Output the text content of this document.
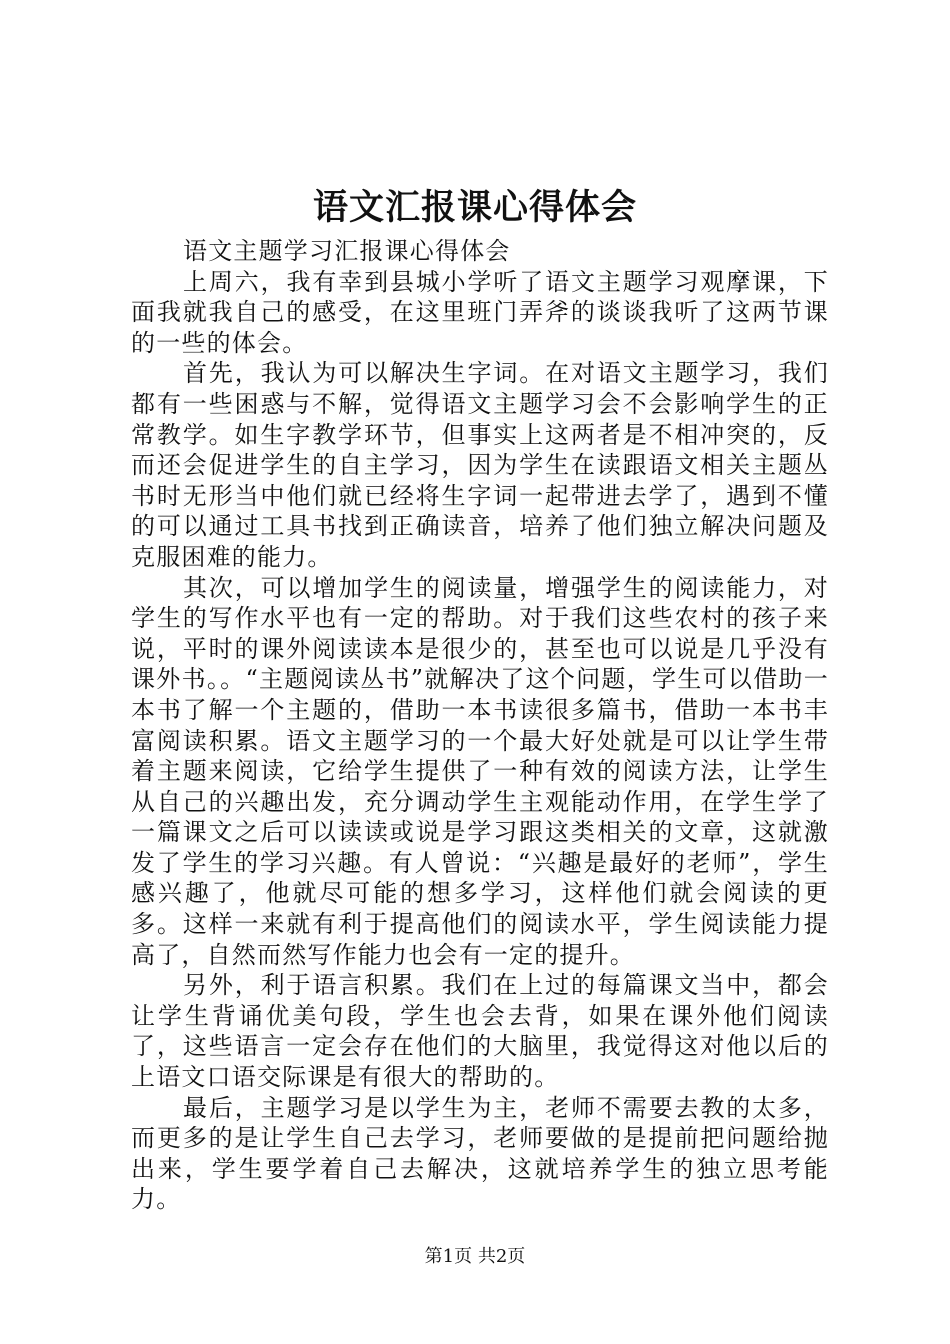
语文汇报课心得体会

语文主题学习汇报课心得体会

上周六，我有幸到县城小学听了语文主题学习观摩课，下面我就我自己的感受，在这里班门弄斧的谈谈我听了这两节课的一些的体会。

首先，我认为可以解决生字词。在对语文主题学习，我们都有一些困惑与不解，觉得语文主题学习会不会影响学生的正常教学。如生字教学环节，但事实上这两者是不相冲突的，反而还会促进学生的自主学习，因为学生在读跟语文相关主题丛书时无形当中他们就已经将生字词一起带进去学了，遇到不懂的可以通过工具书找到正确读音，培养了他们独立解决问题及克服困难的能力。

其次，可以增加学生的阅读量，增强学生的阅读能力，对学生的写作水平也有一定的帮助。对于我们这些农村的孩子来说，平时的课外阅读读本是很少的，甚至也可以说是几乎没有课外书。。“主题阅读丛书”就解决了这个问题，学生可以借助一本书了解一个主题的，借助一本书读很多篇书，借助一本书丰富阅读积累。语文主题学习的一个最大好处就是可以让学生带着主题来阅读，它给学生提供了一种有效的阅读方法，让学生从自己的兴趣出发，充分调动学生主观能动作用，在学生学了一篇课文之后可以读读或说是学习跟这类相关的文章，这就激发了学生的学习兴趣。有人曾说：“兴趣是最好的老师”，学生感兴趣了，他就尽可能的想多学习，这样他们就会阅读的更多。这样一来就有利于提高他们的阅读水平，学生阅读能力提高了，自然而然写作能力也会有一定的提升。

另外，利于语言积累。我们在上过的每篇课文当中，都会让学生背诵优美句段，学生也会去背，如果在课外他们阅读了，这些语言一定会存在他们的大脑里，我觉得这对他以后的上语文口语交际课是有很大的帮助的。

最后，主题学习是以学生为主，老师不需要去教的太多，而更多的是让学生自己去学习，老师要做的是提前把问题给抛出来，学生要学着自己去解决，这就培养学生的独立思考能力。

第1页 共2页
